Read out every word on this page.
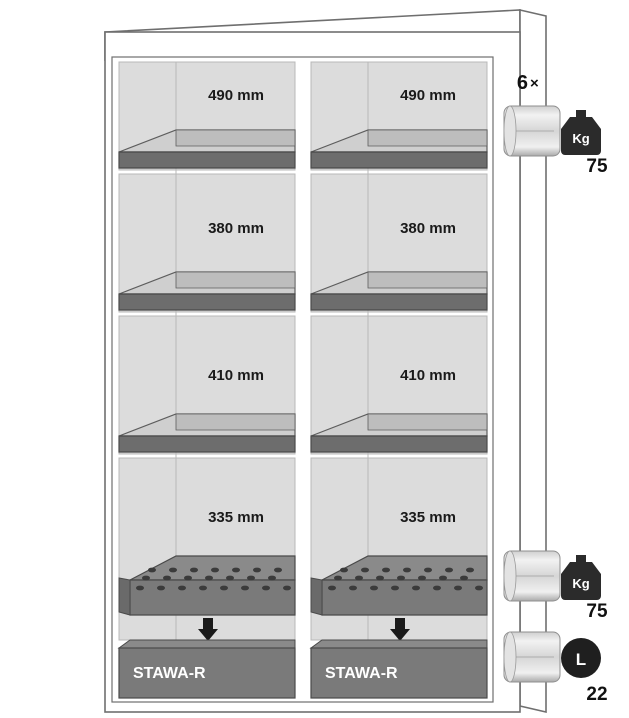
STAWA-R
490 mm
380 mm
410 mm
335 mm
STAWA-R
490 mm
380 mm
410 mm
335 mm
6 ×
Kg
75
Kg
75
L
22
